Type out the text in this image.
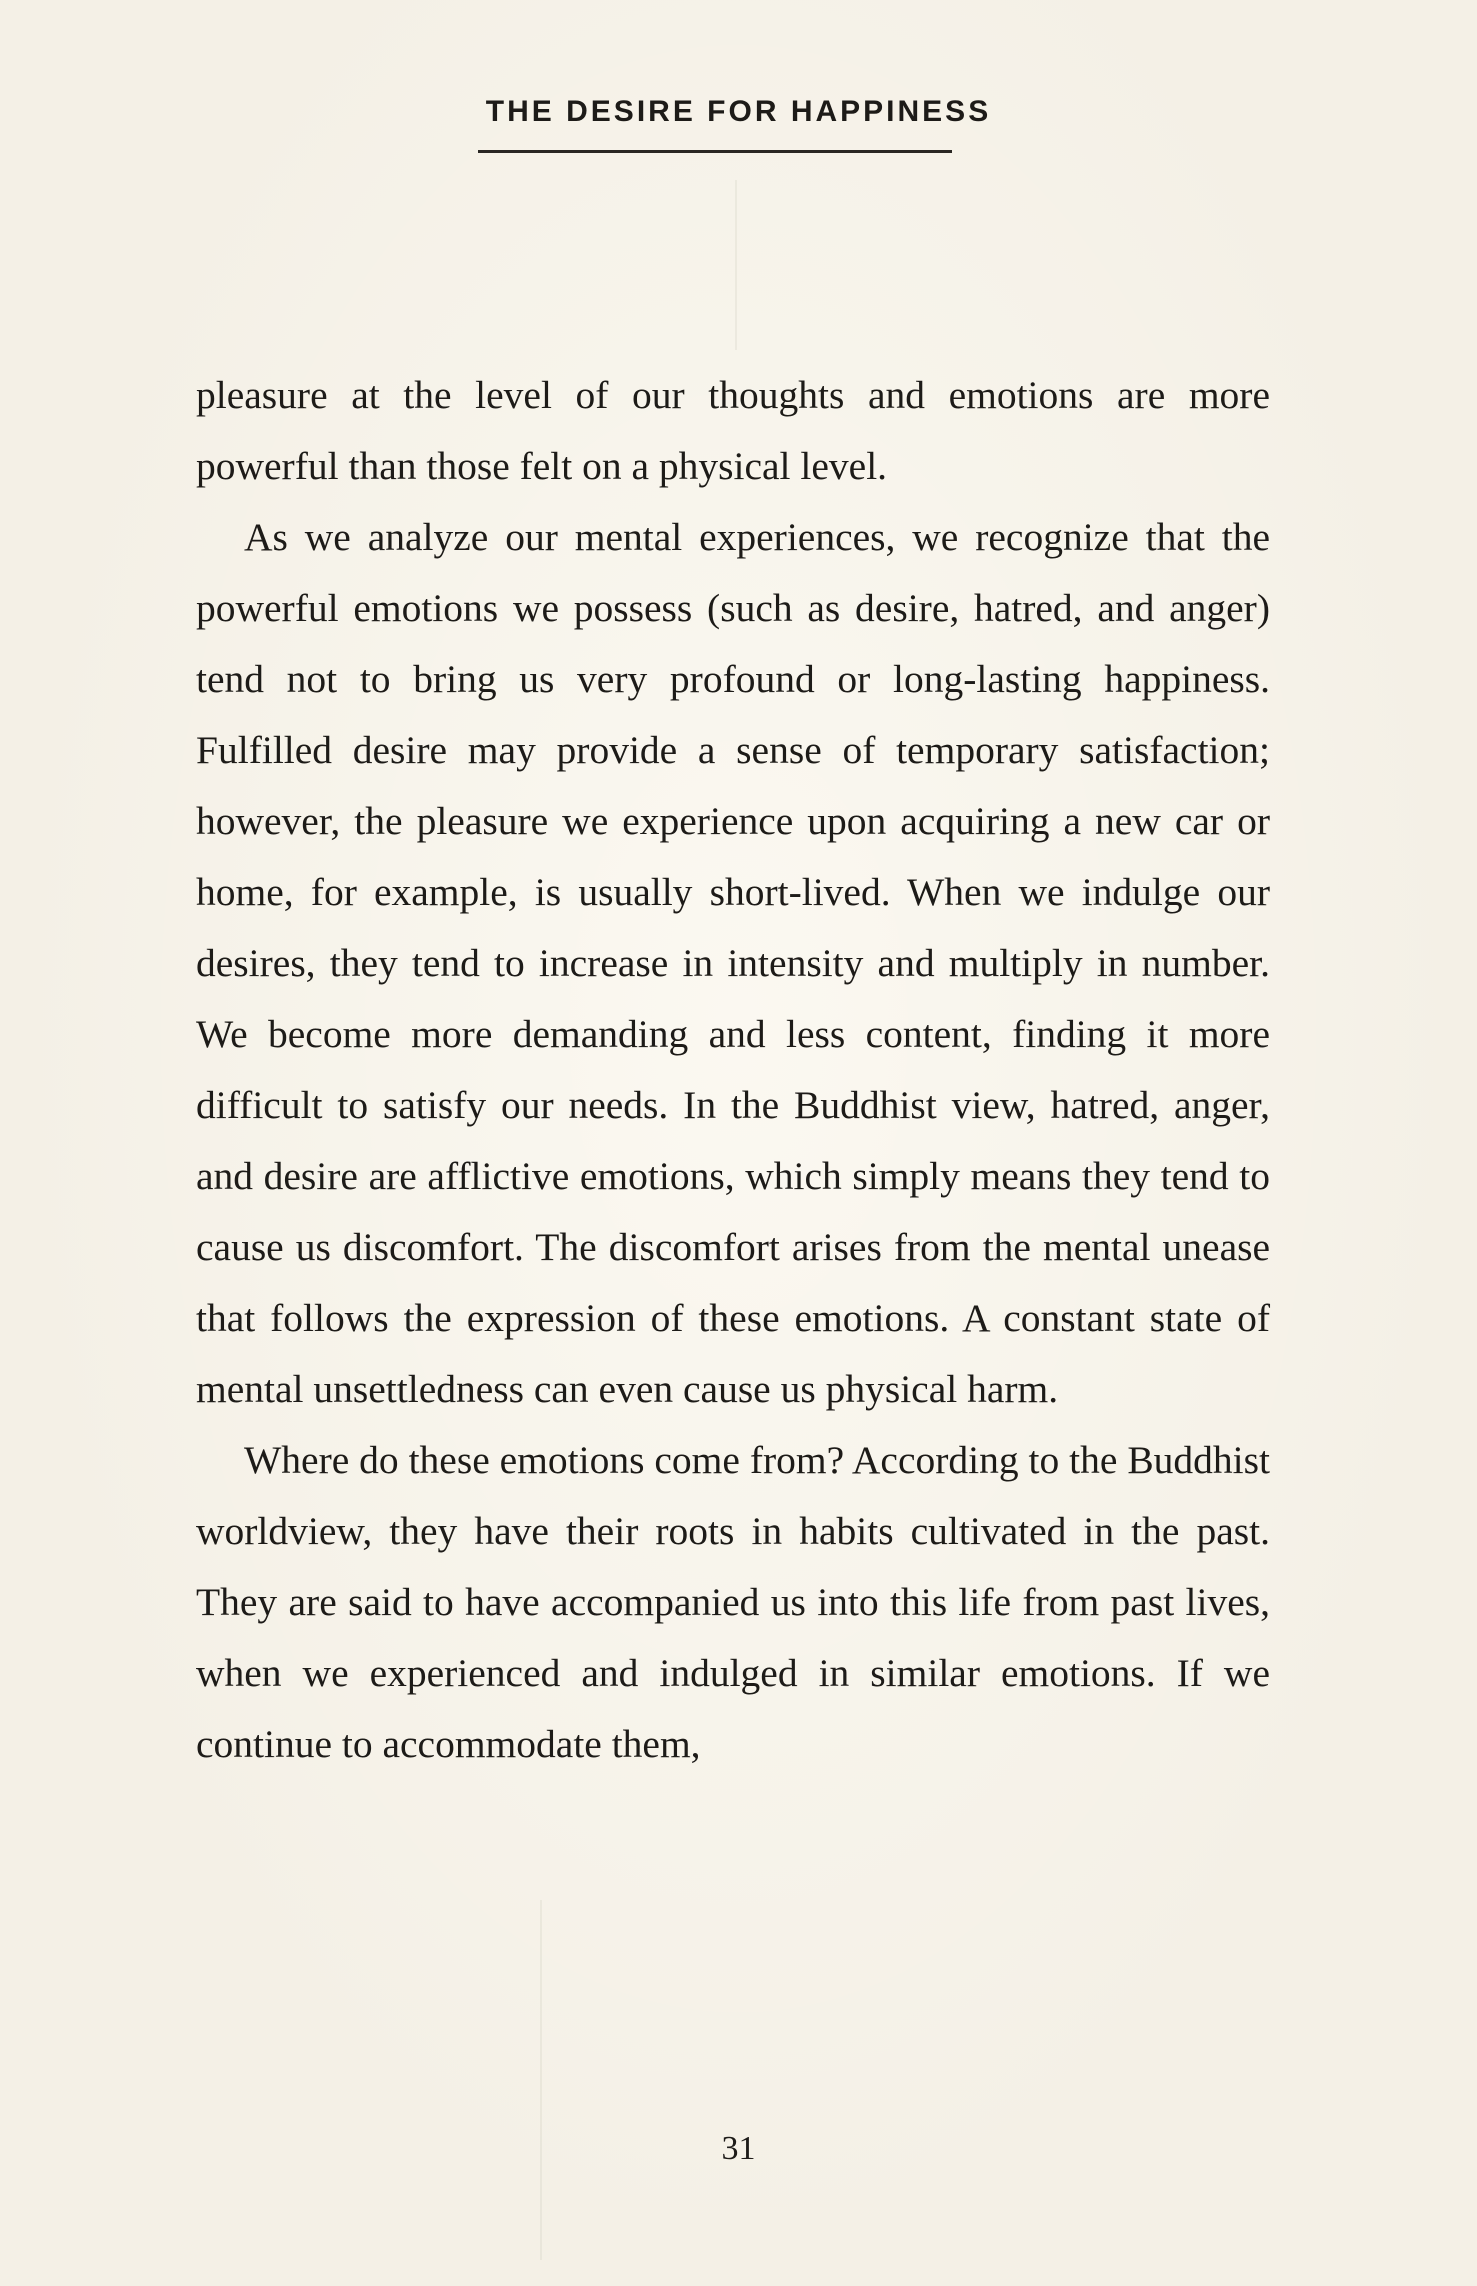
THE DESIRE FOR HAPPINESS

pleasure at the level of our thoughts and emotions are more powerful than those felt on a physical level.

As we analyze our mental experiences, we recognize that the powerful emotions we possess (such as desire, hatred, and anger) tend not to bring us very profound or long-lasting happiness. Fulfilled desire may provide a sense of temporary satisfaction; however, the pleasure we experience upon acquiring a new car or home, for example, is usually short-lived. When we indulge our desires, they tend to increase in intensity and multiply in number. We become more demanding and less content, finding it more difficult to satisfy our needs. In the Buddhist view, hatred, anger, and desire are afflictive emotions, which simply means they tend to cause us discomfort. The discomfort arises from the mental unease that follows the expression of these emotions. A constant state of mental unsettledness can even cause us physical harm.

Where do these emotions come from? According to the Buddhist worldview, they have their roots in habits cultivated in the past. They are said to have accompanied us into this life from past lives, when we experienced and indulged in similar emotions. If we continue to accommodate them,

31
